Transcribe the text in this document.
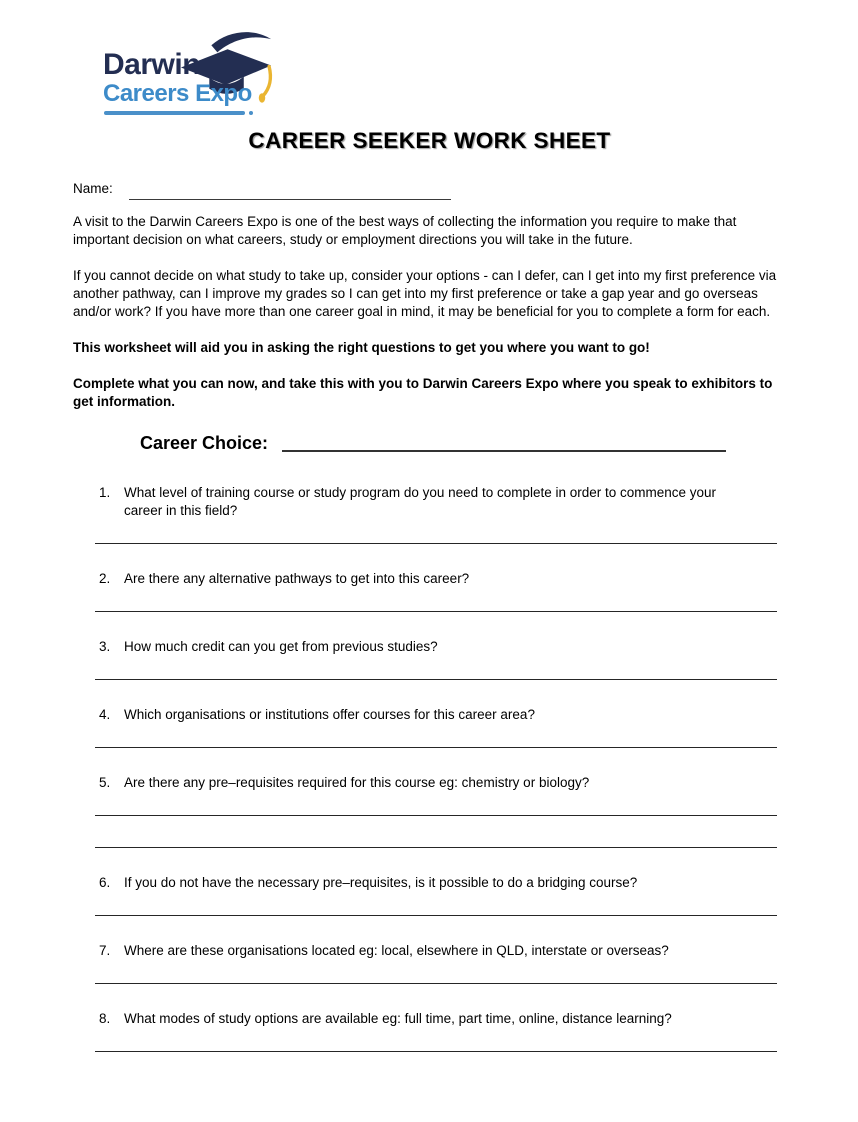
Darwin
Careers Expo
CAREER SEEKER WORK SHEET
Name:

A visit to the Darwin Careers Expo is one of the best ways of collecting the information you require to make that important decision on what careers, study or employment directions you will take in the future.

If you cannot decide on what study to take up, consider your options - can I defer, can I get into my first preference via another pathway, can I improve my grades so I can get into my first preference or take a gap year and go overseas and/or work? If you have more than one career goal in mind, it may be beneficial for you to complete a form for each.

This worksheet will aid you in asking the right questions to get you where you want to go!

Complete what you can now, and take this with you to Darwin Careers Expo where you speak to exhibitors to get information.

Career Choice:
1.	What level of training course or study program do you need to complete in order to commence your career in this field?
2.	Are there any alternative pathways to get into this career?
3.	How much credit can you get from previous studies?
4.	Which organisations or institutions offer courses for this career area?
5.	Are there any pre–requisites required for this course eg: chemistry or biology?
6.	If you do not have the necessary pre–requisites, is it possible to do a bridging course?
7.	Where are these organisations located eg: local, elsewhere in QLD, interstate or overseas?
8.	What modes of study options are available eg: full time, part time, online, distance learning?
